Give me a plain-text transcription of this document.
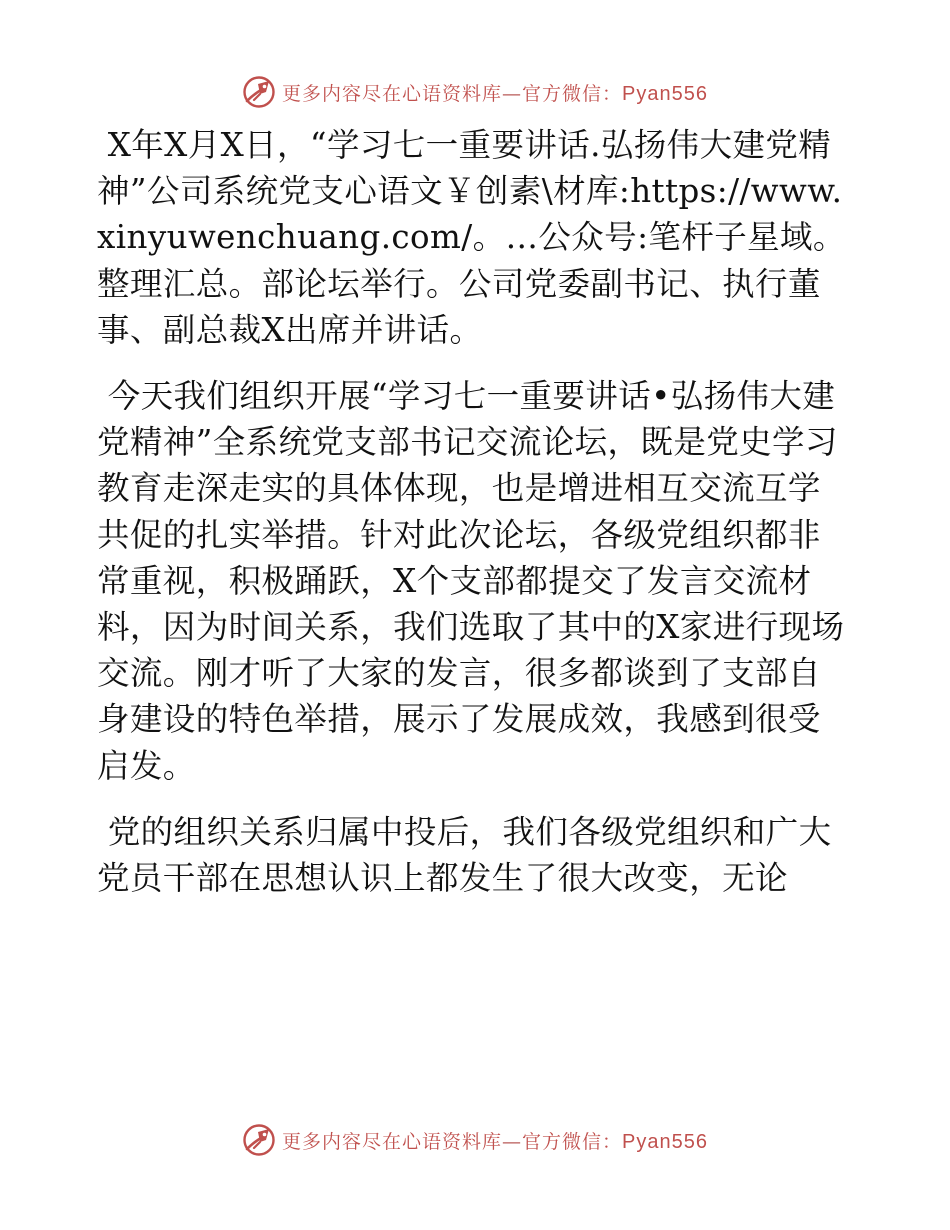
更多内容尽在心语资料库—官方微信：Pyan556

X年X月X日，“学习七一重要讲话.弘扬伟大建党精神”公司系统党支心语文￥创素\材库:https://www.xinyuwenchuang.com/。…公众号:笔杆子星域。整理汇总。部论坛举行。公司党委副书记、执行董事、副总裁X出席并讲话。

今天我们组织开展“学习七一重要讲话•弘扬伟大建党精神”全系统党支部书记交流论坛，既是党史学习教育走深走实的具体体现，也是增进相互交流互学共促的扎实举措。针对此次论坛，各级党组织都非常重视，积极踊跃，X个支部都提交了发言交流材料，因为时间关系，我们选取了其中的X家进行现场交流。刚才听了大家的发言，很多都谈到了支部自身建设的特色举措，展示了发展成效，我感到很受启发。

党的组织关系归属中投后，我们各级党组织和广大党员干部在思想认识上都发生了很大改变，无论

更多内容尽在心语资料库—官方微信：Pyan556
